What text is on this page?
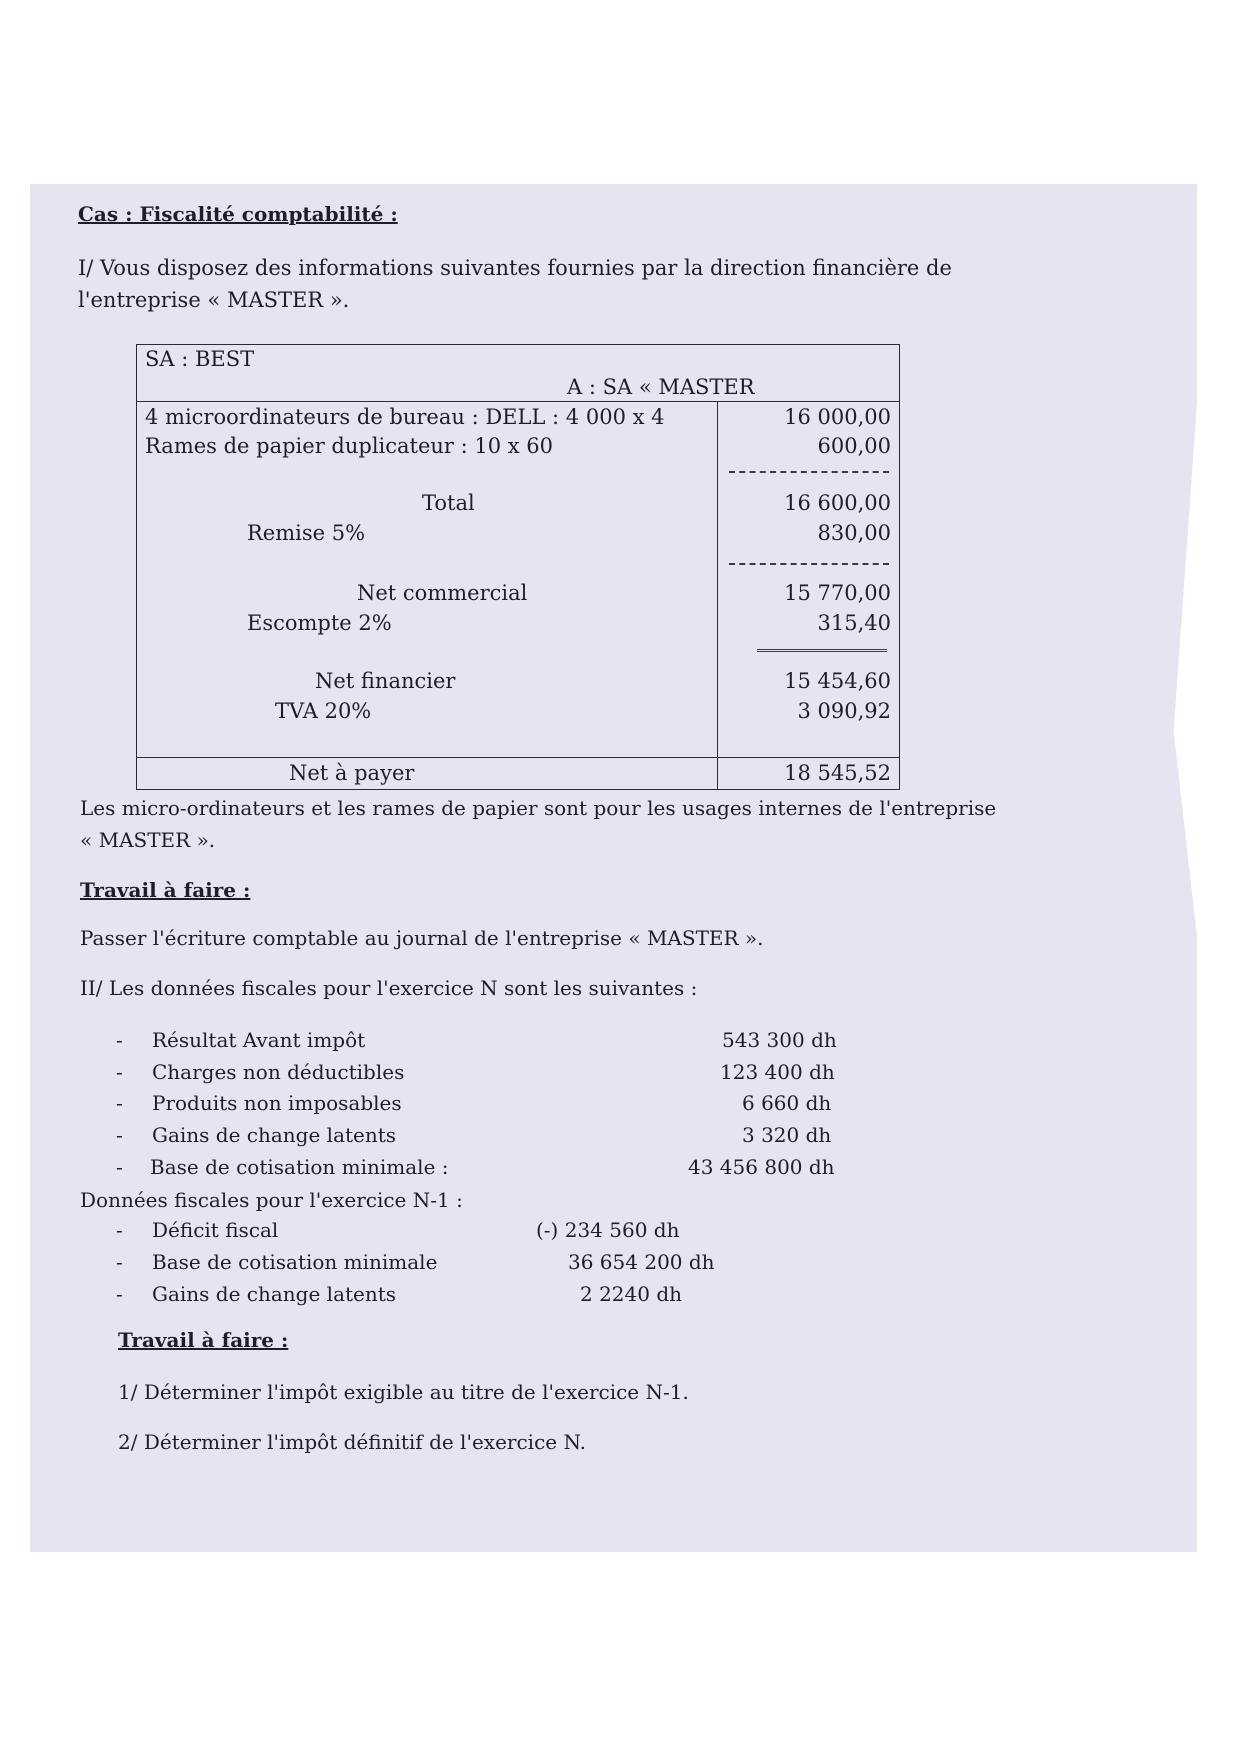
Cas : Fiscalité comptabilité :
I/ Vous disposez des informations suivantes fournies par la direction financière de
l'entreprise « MASTER ».
SA : BEST
A : SA « MASTER
4 microordinateurs de bureau : DELL : 4 000 x 4	16 000,00
Rames de papier duplicateur : 10 x 60	600,00
Total	16 600,00
Remise 5%	830,00
Net commercial	15 770,00
Escompte 2%	315,40
Net financier	15 454,60
TVA 20%	3 090,92
Net à payer	18 545,52
Les micro-ordinateurs et les rames de papier sont pour les usages internes de l'entreprise
« MASTER ».
Travail à faire :
Passer l'écriture comptable au journal de l'entreprise « MASTER ».
II/ Les données fiscales pour l'exercice N sont les suivantes :
- Résultat Avant impôt	543 300 dh
- Charges non déductibles	123 400 dh
- Produits non imposables	6 660 dh
- Gains de change latents	3 320 dh
- Base de cotisation minimale :	43 456 800 dh
Données fiscales pour l'exercice N-1 :
- Déficit fiscal	(-) 234 560 dh
- Base de cotisation minimale	36 654 200 dh
- Gains de change latents	2 2240 dh
Travail à faire :
1/ Déterminer l'impôt exigible au titre de l'exercice N-1.
2/ Déterminer l'impôt définitif de l'exercice N.
